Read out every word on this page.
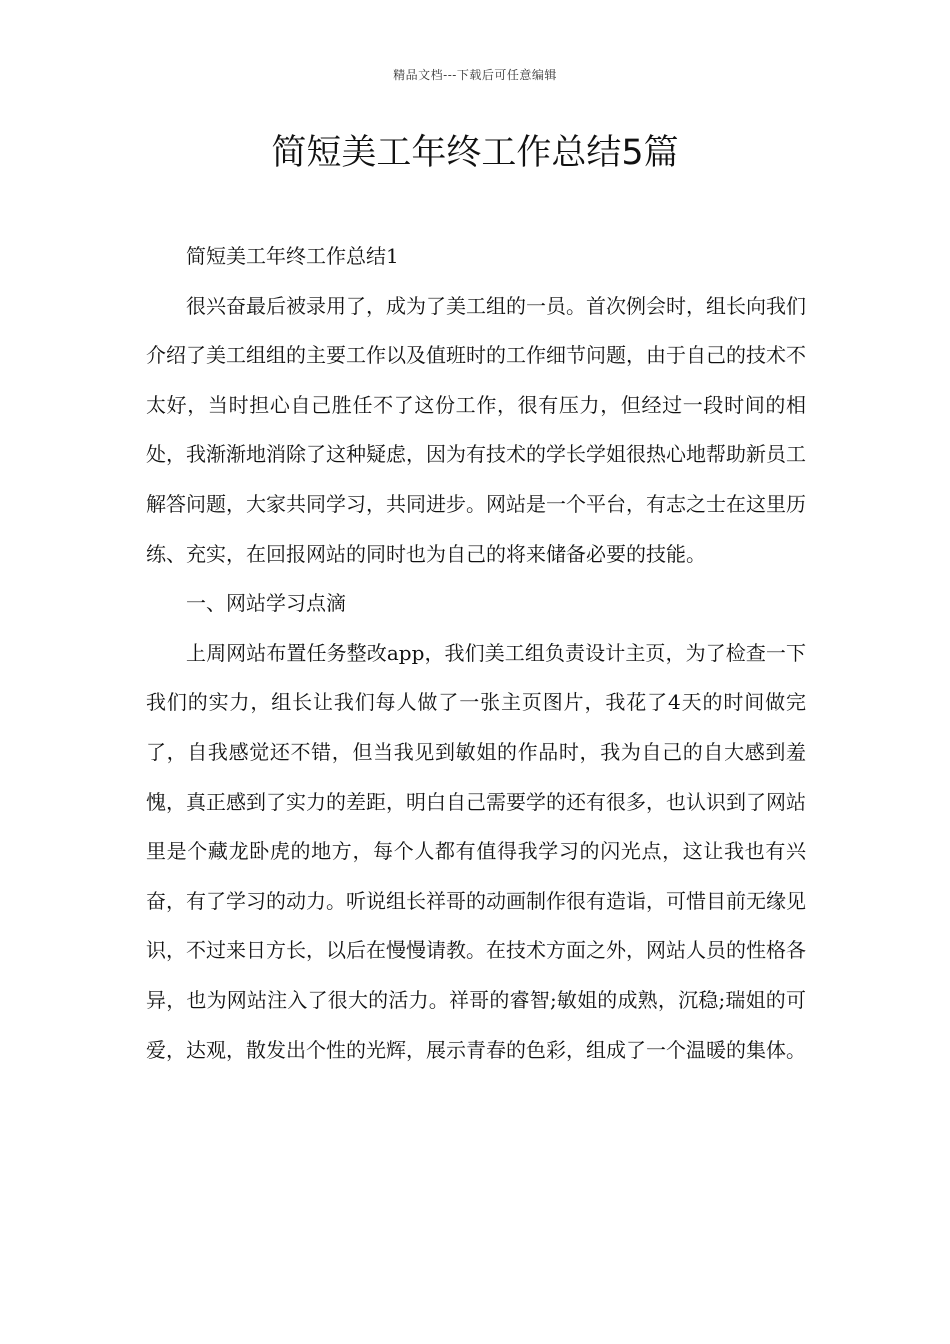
精品文档---下载后可任意编辑
简短美工年终工作总结5篇

简短美工年终工作总结1

很兴奋最后被录用了，成为了美工组的一员。首次例会时，组长向我们介绍了美工组组的主要工作以及值班时的工作细节问题，由于自己的技术不太好，当时担心自己胜任不了这份工作，很有压力，但经过一段时间的相处，我渐渐地消除了这种疑虑，因为有技术的学长学姐很热心地帮助新员工解答问题，大家共同学习，共同进步。网站是一个平台，有志之士在这里历练、充实，在回报网站的同时也为自己的将来储备必要的技能。

一、网站学习点滴

上周网站布置任务整改app，我们美工组负责设计主页，为了检查一下我们的实力，组长让我们每人做了一张主页图片，我花了4天的时间做完了，自我感觉还不错，但当我见到敏姐的作品时，我为自己的自大感到羞愧，真正感到了实力的差距，明白自己需要学的还有很多，也认识到了网站里是个藏龙卧虎的地方，每个人都有值得我学习的闪光点，这让我也有兴奋，有了学习的动力。听说组长祥哥的动画制作很有造诣，可惜目前无缘见识，不过来日方长，以后在慢慢请教。在技术方面之外，网站人员的性格各异，也为网站注入了很大的活力。祥哥的睿智;敏姐的成熟，沉稳;瑞姐的可爱，达观，散发出个性的光辉，展示青春的色彩，组成了一个温暖的集体。
